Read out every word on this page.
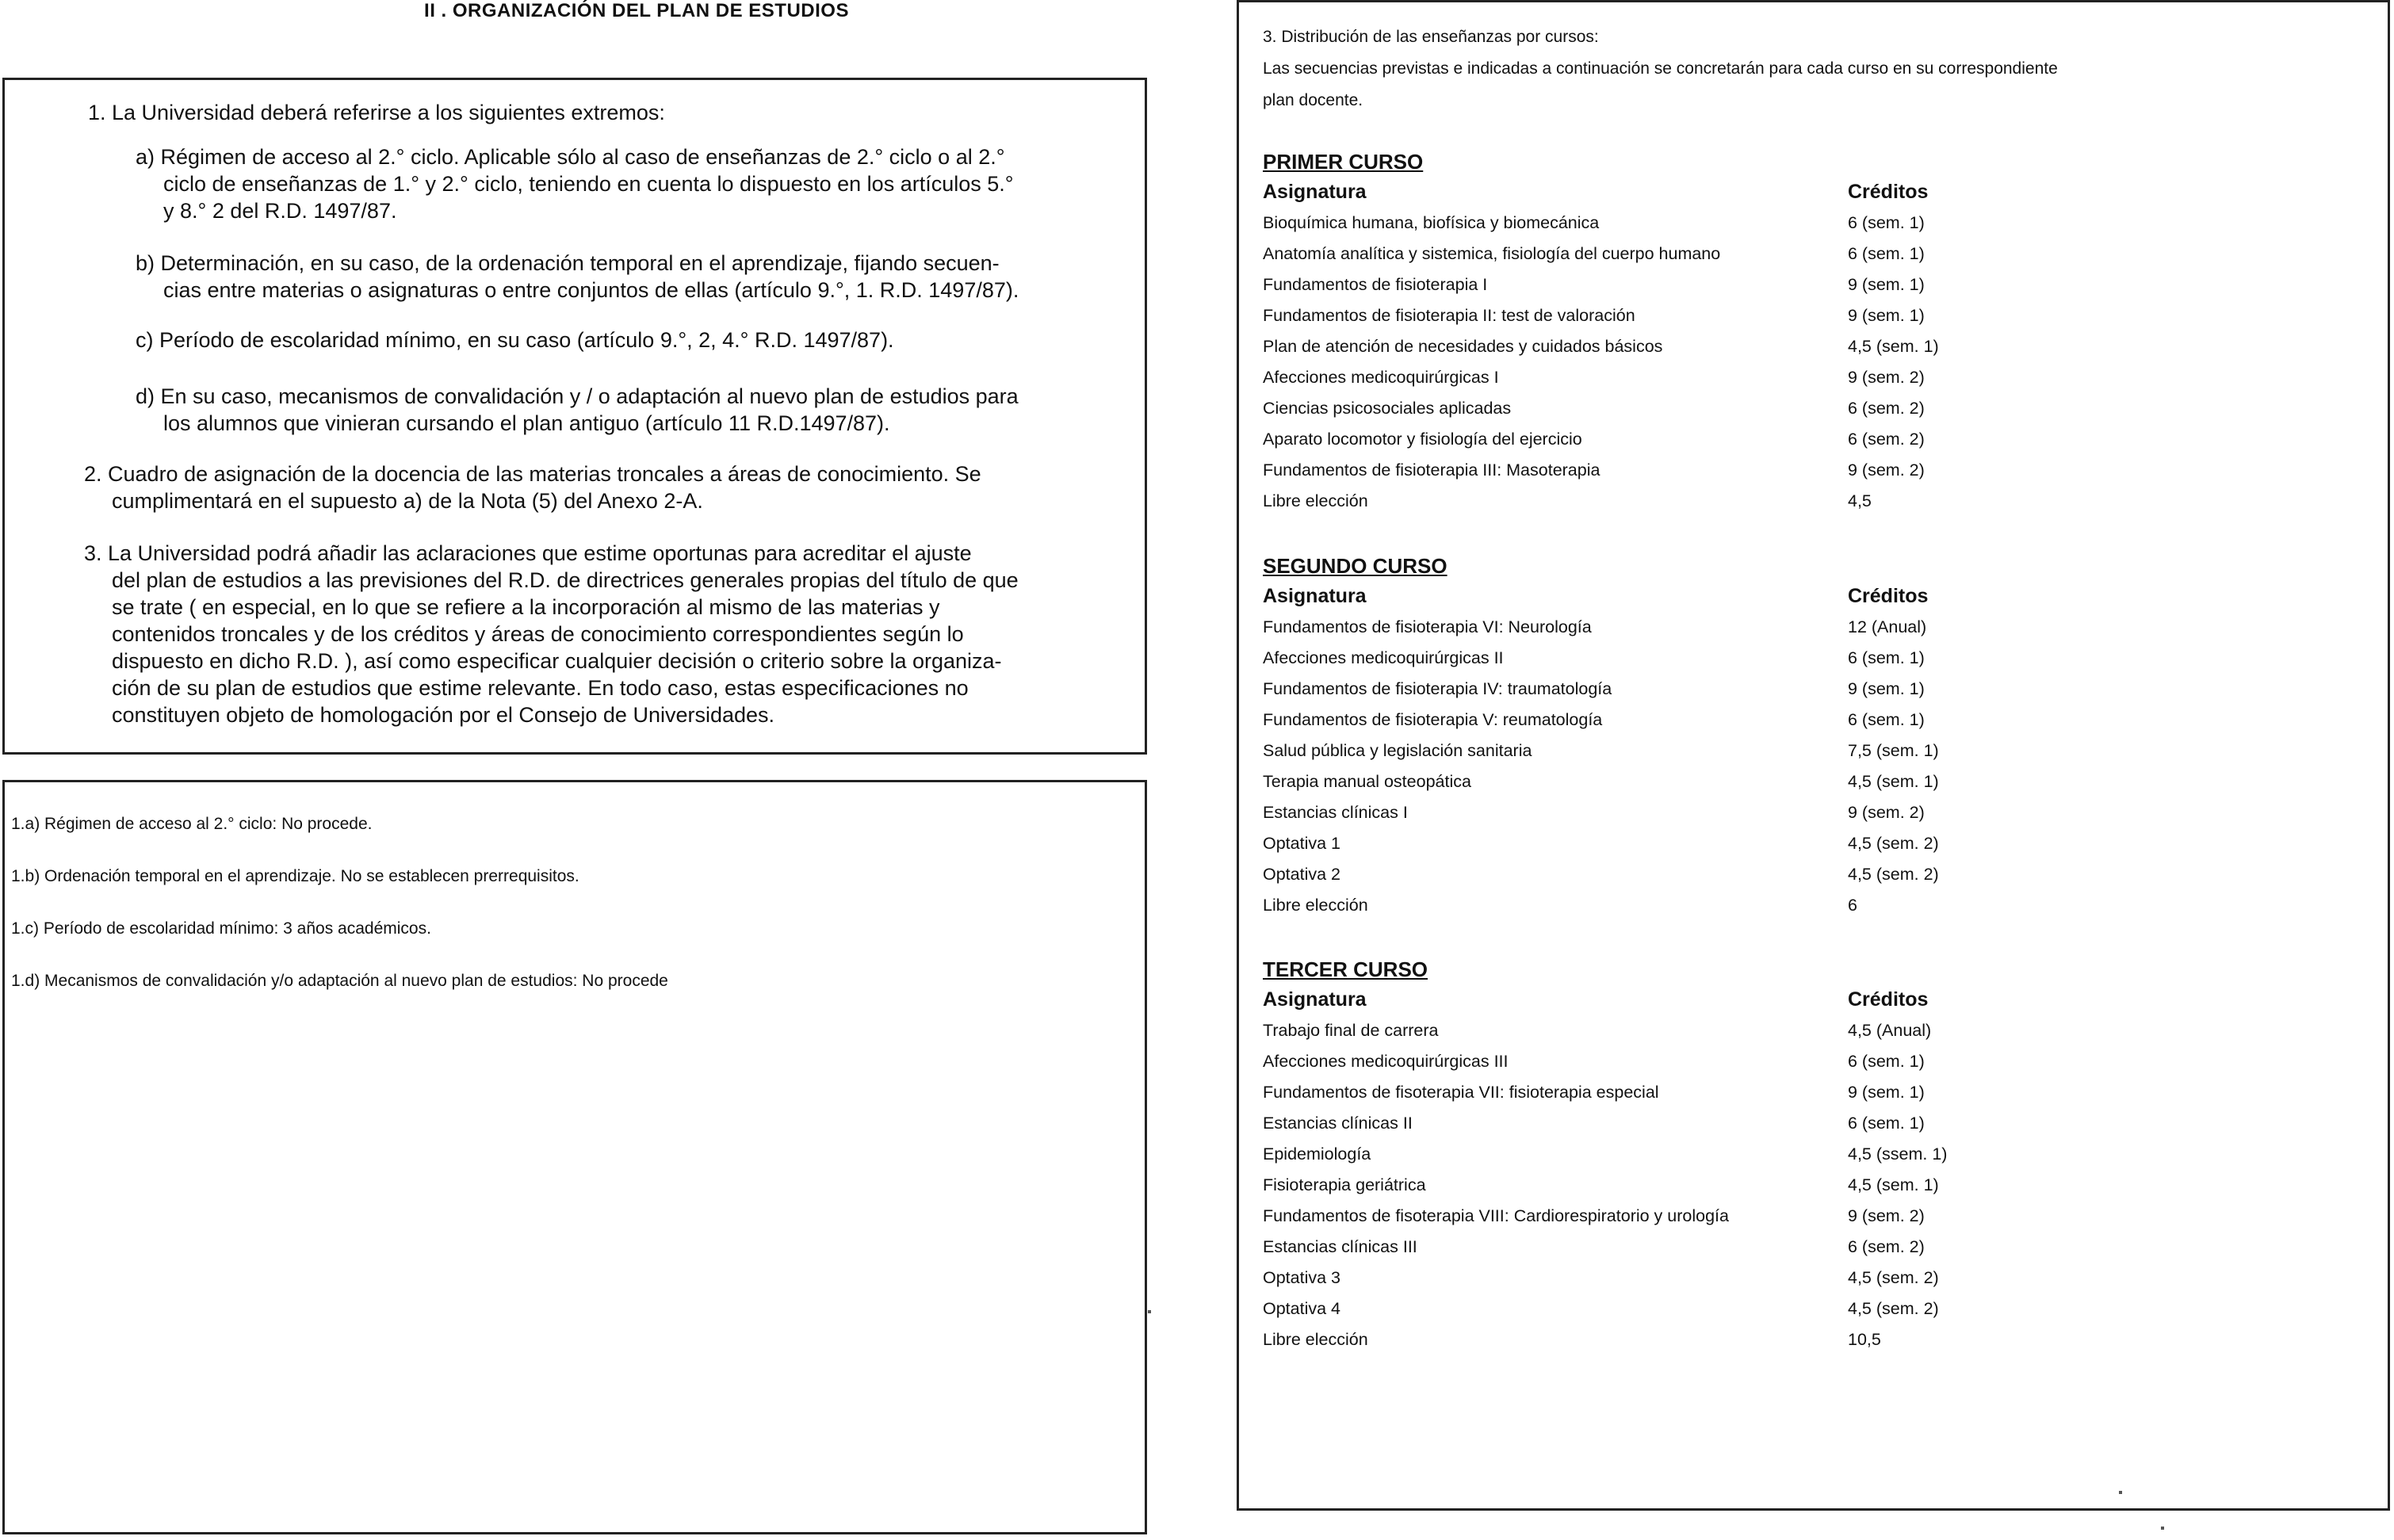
II . ORGANIZACIÓN DEL PLAN DE ESTUDIOS
1. La Universidad deberá referirse a los siguientes extremos:
a) Régimen de acceso al 2.° ciclo. Aplicable sólo al caso de enseñanzas de 2.° ciclo o al 2.°
ciclo de enseñanzas de 1.° y 2.° ciclo, teniendo en cuenta lo dispuesto en los artículos 5.°
y 8.° 2 del R.D. 1497/87.
b) Determinación, en su caso, de la ordenación temporal en el aprendizaje, fijando secuen-
cias entre materias o asignaturas o entre conjuntos de ellas (artículo 9.°, 1. R.D. 1497/87).
c) Período de escolaridad mínimo, en su caso (artículo 9.°, 2, 4.° R.D. 1497/87).
d) En su caso, mecanismos de convalidación y / o adaptación al nuevo plan de estudios para
los alumnos que vinieran cursando el plan antiguo (artículo 11 R.D.1497/87).
2. Cuadro de asignación de la docencia de las materias troncales a áreas de conocimiento. Se
cumplimentará en el supuesto a) de la Nota (5) del Anexo 2-A.
3. La Universidad podrá añadir las aclaraciones que estime oportunas para acreditar el ajuste
del plan de estudios a las previsiones del R.D. de directrices generales propias del título de que
se trate ( en especial, en lo que se refiere a la incorporación al mismo de las materias y
contenidos troncales y de los créditos y áreas de conocimiento correspondientes según lo
dispuesto en dicho R.D. ), así como especificar cualquier decisión o criterio sobre la organiza-
ción de su plan de estudios que estime relevante. En todo caso, estas especificaciones no
constituyen objeto de homologación por el Consejo de Universidades.
1.a) Régimen de acceso al 2.° ciclo: No procede.
1.b) Ordenación temporal en el aprendizaje. No se establecen prerrequisitos.
1.c) Período de escolaridad mínimo: 3 años académicos.
1.d) Mecanismos de convalidación y/o adaptación al nuevo plan de estudios: No procede
3. Distribución de las enseñanzas por cursos:
Las secuencias previstas e indicadas a continuación se concretarán para cada curso en su correspondiente
plan docente.
PRIMER CURSO
Asignatura	Créditos
Bioquímica humana, biofísica y biomecánica	6 (sem. 1)
Anatomía analítica y sistemica, fisiología del cuerpo humano	6 (sem. 1)
Fundamentos de fisioterapia I	9 (sem. 1)
Fundamentos de fisioterapia II: test de valoración	9 (sem. 1)
Plan de atención de necesidades y cuidados básicos	4,5 (sem. 1)
Afecciones medicoquirúrgicas I	9 (sem. 2)
Ciencias psicosociales aplicadas	6 (sem. 2)
Aparato locomotor y fisiología del ejercicio	6 (sem. 2)
Fundamentos de fisioterapia III: Masoterapia	9 (sem. 2)
Libre elección	4,5
SEGUNDO CURSO
Asignatura	Créditos
Fundamentos de fisioterapia VI: Neurología	12 (Anual)
Afecciones medicoquirúrgicas II	6 (sem. 1)
Fundamentos de fisioterapia IV: traumatología	9 (sem. 1)
Fundamentos de fisioterapia V: reumatología	6 (sem. 1)
Salud pública y legislación sanitaria	7,5 (sem. 1)
Terapia manual osteopática	4,5 (sem. 1)
Estancias clínicas I	9 (sem. 2)
Optativa 1	4,5 (sem. 2)
Optativa 2	4,5 (sem. 2)
Libre elección	6
TERCER CURSO
Asignatura	Créditos
Trabajo final de carrera	4,5 (Anual)
Afecciones medicoquirúrgicas III	6 (sem. 1)
Fundamentos de fisoterapia VII: fisioterapia especial	9 (sem. 1)
Estancias clínicas II	6 (sem. 1)
Epidemiología	4,5 (ssem. 1)
Fisioterapia geriátrica	4,5 (sem. 1)
Fundamentos de fisoterapia VIII: Cardiorespiratorio y urología	9 (sem. 2)
Estancias clínicas III	6 (sem. 2)
Optativa 3	4,5 (sem. 2)
Optativa 4	4,5 (sem. 2)
Libre elección	10,5
